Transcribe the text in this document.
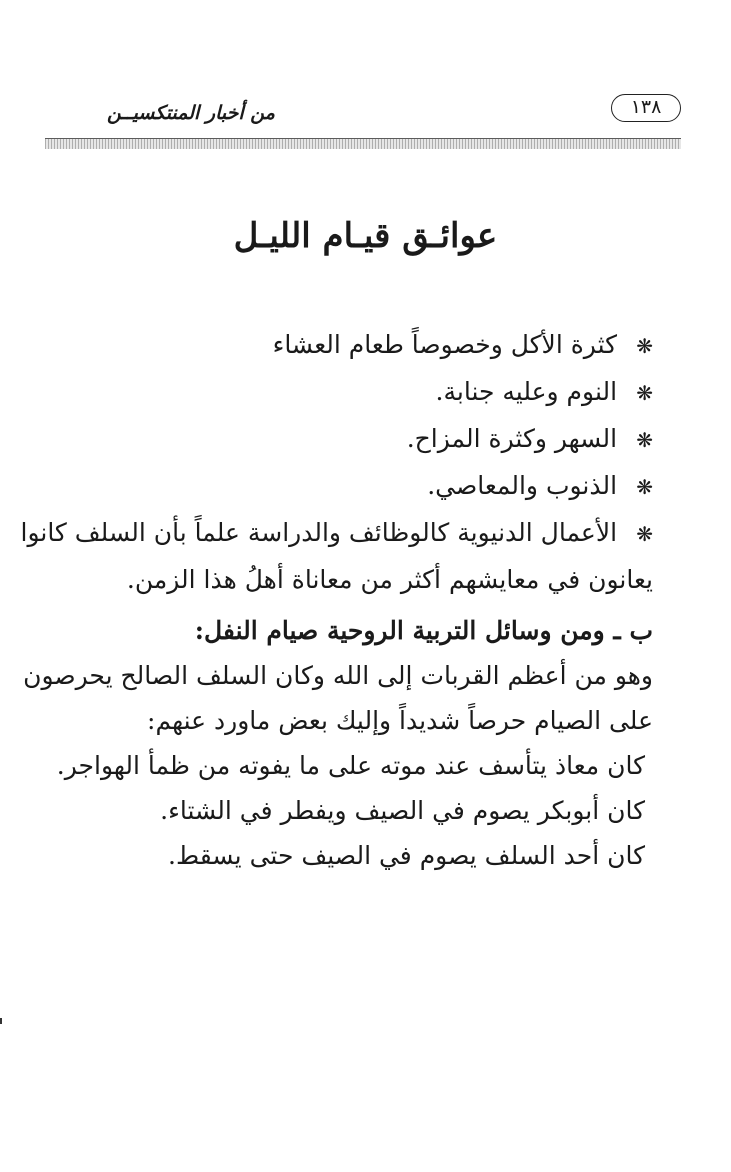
من أخبار المنتكسيــن	١٣٨
عوائـق قيـام الليـل
❋ كثرة الأكل وخصوصاً طعام العشاء
❋ النوم وعليه جنابة.
❋ السهر وكثرة المزاح.
❋ الذنوب والمعاصي.
❋ الأعمال الدنيوية كالوظائف والدراسة علماً بأن السلف كانوا
يعانون في معايشهم أكثر من معاناة أهلُ هذا الزمن.
ب ـ ومن وسائل التربية الروحية صيام النفل:
وهو من أعظم القربات إلى الله وكان السلف الصالح يحرصون
على الصيام حرصاً شديداً وإليك بعض ماورد عنهم:
كان معاذ يتأسف عند موته على ما يفوته من ظمأ الهواجر.
كان أبوبكر يصوم في الصيف ويفطر في الشتاء.
كان أحد السلف يصوم في الصيف حتى يسقط.
